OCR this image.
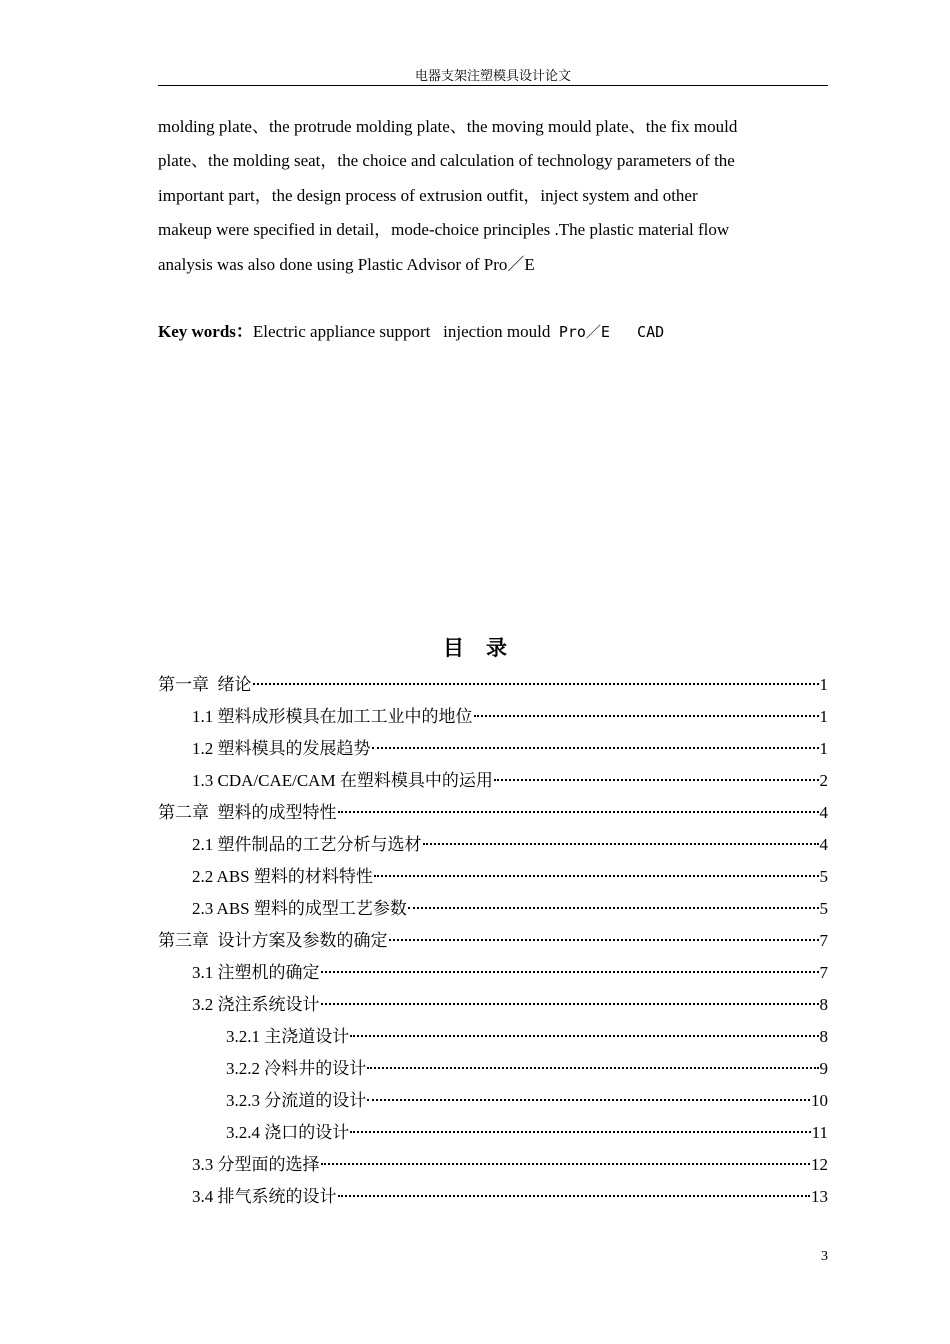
电器支架注塑模具设计论文

molding plate、the protrude molding plate、the moving mould plate、the fix mould

plate、the molding seat，the choice and calculation of technology parameters of the

important part，the design process of extrusion outfit，inject system and other

makeup were specified in detail，mode-choice principles .The plastic material flow

analysis was also done using Plastic Advisor of Pro／E

Key words：Electric appliance support   injection mould  Pro／E   CAD
目录
第一章  绪论	1
1.1 塑料成形模具在加工工业中的地位	1
1.2 塑料模具的发展趋势	1
1.3 CDA/CAE/CAM 在塑料模具中的运用	2
第二章  塑料的成型特性	4
2.1 塑件制品的工艺分析与选材	4
2.2 ABS 塑料的材料特性	5
2.3 ABS 塑料的成型工艺参数	5
第三章  设计方案及参数的确定	7
3.1 注塑机的确定	7
3.2 浇注系统设计	8
3.2.1 主浇道设计	8
3.2.2 冷料井的设计	9
3.2.3 分流道的设计	10
3.2.4 浇口的设计	11
3.3 分型面的选择	12
3.4 排气系统的设计	13
3
